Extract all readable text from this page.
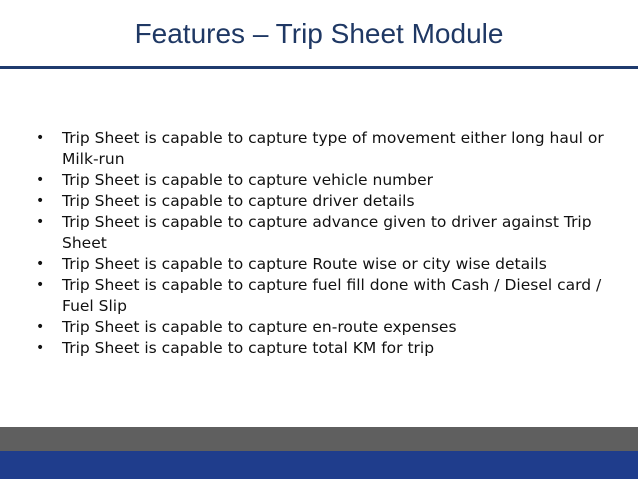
Features – Trip Sheet Module
•	Trip Sheet is capable to capture type of movement either long haul or Milk-run
•	Trip Sheet is capable to capture vehicle number
•	Trip Sheet is capable to capture driver details
•	Trip Sheet is capable to capture advance given to driver against Trip Sheet
•	Trip Sheet is capable to capture Route wise or city wise details
•	Trip Sheet is capable to capture fuel fill done with Cash / Diesel card / Fuel Slip
•	Trip Sheet is capable to capture en-route expenses
•	Trip Sheet is capable to capture total KM for trip
